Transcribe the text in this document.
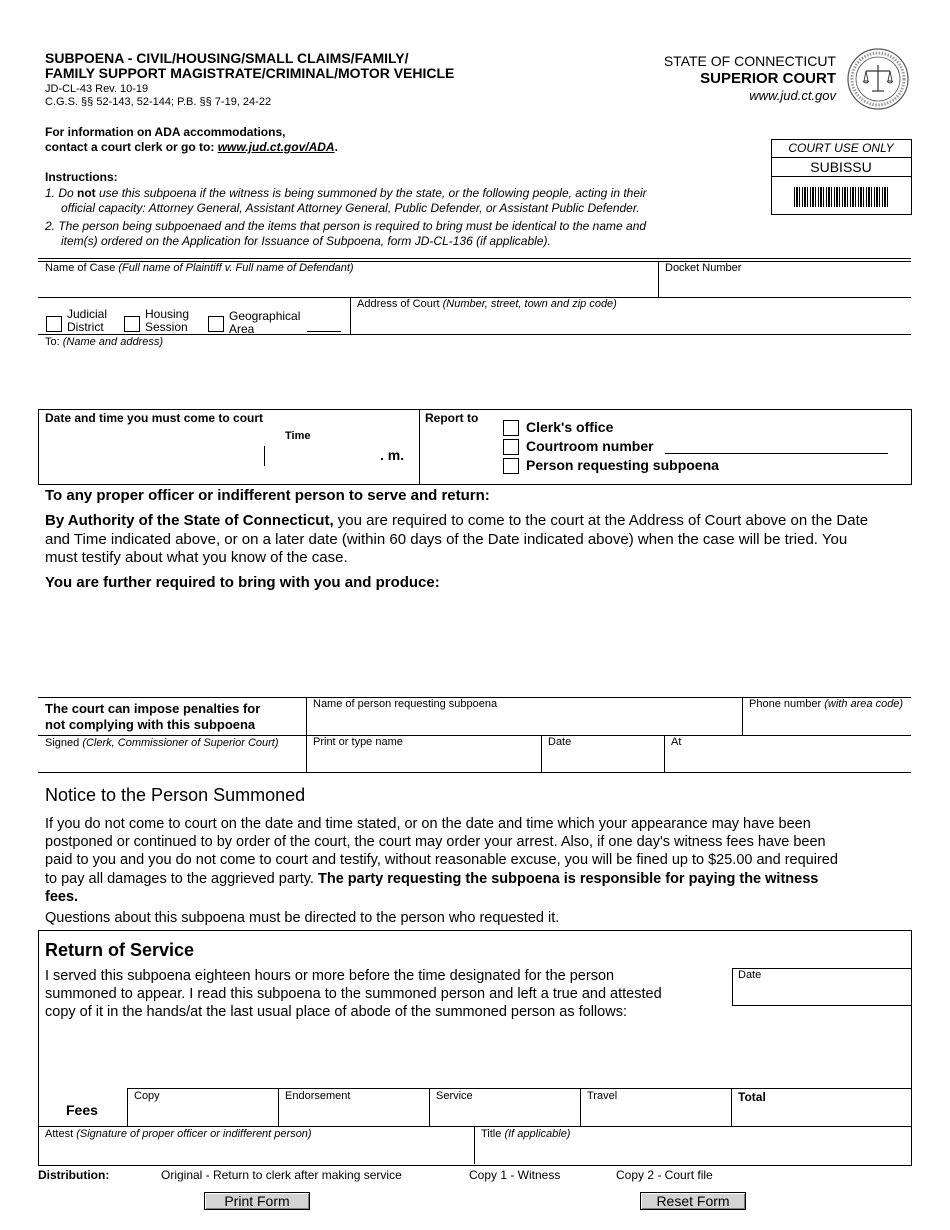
SUBPOENA - CIVIL/HOUSING/SMALL CLAIMS/FAMILY/
FAMILY SUPPORT MAGISTRATE/CRIMINAL/MOTOR VEHICLE
JD-CL-43 Rev. 10-19
C.G.S. §§ 52-143, 52-144; P.B. §§ 7-19, 24-22
STATE OF CONNECTICUT
SUPERIOR COURT
www.jud.ct.gov
For information on ADA accommodations,
contact a court clerk or go to: www.jud.ct.gov/ADA.	COURT USE ONLY
SUBISSU
Instructions:
1. Do not use this subpoena if the witness is being summoned by the state, or the following people, acting in their
official capacity: Attorney General, Assistant Attorney General, Public Defender, or Assistant Public Defender.
2. The person being subpoenaed and the items that person is required to bring must be identical to the name and
item(s) ordered on the Application for Issuance of Subpoena, form JD-CL-136 (if applicable).
Name of Case (Full name of Plaintiff v. Full name of Defendant)	Docket Number
Judicial
District
Housing
Session
Geographical
Area
Address of Court (Number, street, town and zip code)
To: (Name and address)
Date and time you must come to court
Time
. m.
Report to
Clerk's office
Courtroom number
Person requesting subpoena
To any proper officer or indifferent person to serve and return:
By Authority of the State of Connecticut, you are required to come to the court at the Address of Court above on the Date
and Time indicated above, or on a later date (within 60 days of the Date indicated above) when the case will be tried. You
must testify about what you know of the case.
You are further required to bring with you and produce:
The court can impose penalties for
not complying with this subpoena
Name of person requesting subpoena	Phone number (with area code)
Signed (Clerk, Commissioner of Superior Court)	Print or type name	Date	At
Notice to the Person Summoned
If you do not come to court on the date and time stated, or on the date and time which your appearance may have been
postponed or continued to by order of the court, the court may order your arrest. Also, if one day's witness fees have been
paid to you and you do not come to court and testify, without reasonable excuse, you will be fined up to $25.00 and required
to pay all damages to the aggrieved party. The party requesting the subpoena is responsible for paying the witness
fees.
Questions about this subpoena must be directed to the person who requested it.
Return of Service
I served this subpoena eighteen hours or more before the time designated for the person
summoned to appear. I read this subpoena to the summoned person and left a true and attested
copy of it in the hands/at the last usual place of abode of the summoned person as follows:
Date
Fees
Copy	Endorsement	Service	Travel	Total
Attest (Signature of proper officer or indifferent person)	Title (If applicable)
Distribution:	Original - Return to clerk after making service	Copy 1 - Witness	Copy 2 - Court file
Print Form	Reset Form
